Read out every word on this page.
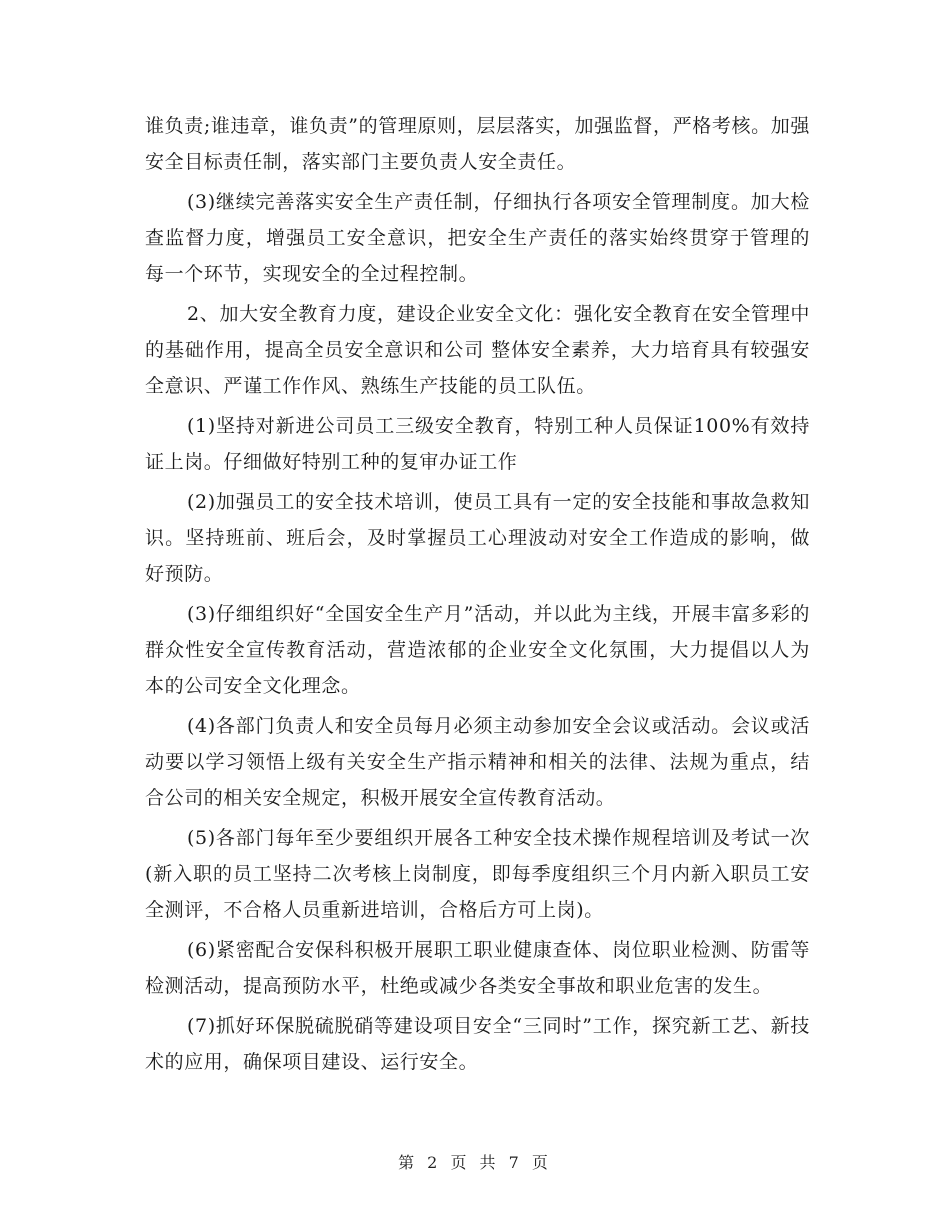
谁负责;谁违章，谁负责”的管理原则，层层落实，加强监督，严格考核。加强安全目标责任制，落实部门主要负责人安全责任。

(3)继续完善落实安全生产责任制，仔细执行各项安全管理制度。加大检查监督力度，增强员工安全意识，把安全生产责任的落实始终贯穿于管理的每一个环节，实现安全的全过程控制。

2、加大安全教育力度，建设企业安全文化：强化安全教育在安全管理中的基础作用，提高全员安全意识和公司 整体安全素养，大力培育具有较强安全意识、严谨工作作风、熟练生产技能的员工队伍。

(1)坚持对新进公司员工三级安全教育，特别工种人员保证100%有效持证上岗。仔细做好特别工种的复审办证工作

(2)加强员工的安全技术培训，使员工具有一定的安全技能和事故急救知识。坚持班前、班后会，及时掌握员工心理波动对安全工作造成的影响，做好预防。

(3)仔细组织好“全国安全生产月”活动，并以此为主线，开展丰富多彩的群众性安全宣传教育活动，营造浓郁的企业安全文化氛围，大力提倡以人为本的公司安全文化理念。

(4)各部门负责人和安全员每月必须主动参加安全会议或活动。会议或活动要以学习领悟上级有关安全生产指示精神和相关的法律、法规为重点，结合公司的相关安全规定，积极开展安全宣传教育活动。

(5)各部门每年至少要组织开展各工种安全技术操作规程培训及考试一次(新入职的员工坚持二次考核上岗制度，即每季度组织三个月内新入职员工安全测评，不合格人员重新进培训，合格后方可上岗)。

(6)紧密配合安保科积极开展职工职业健康查体、岗位职业检测、防雷等检测活动，提高预防水平，杜绝或减少各类安全事故和职业危害的发生。

(7)抓好环保脱硫脱硝等建设项目安全“三同时”工作，探究新工艺、新技术的应用，确保项目建设、运行安全。

第 2 页 共 7 页
